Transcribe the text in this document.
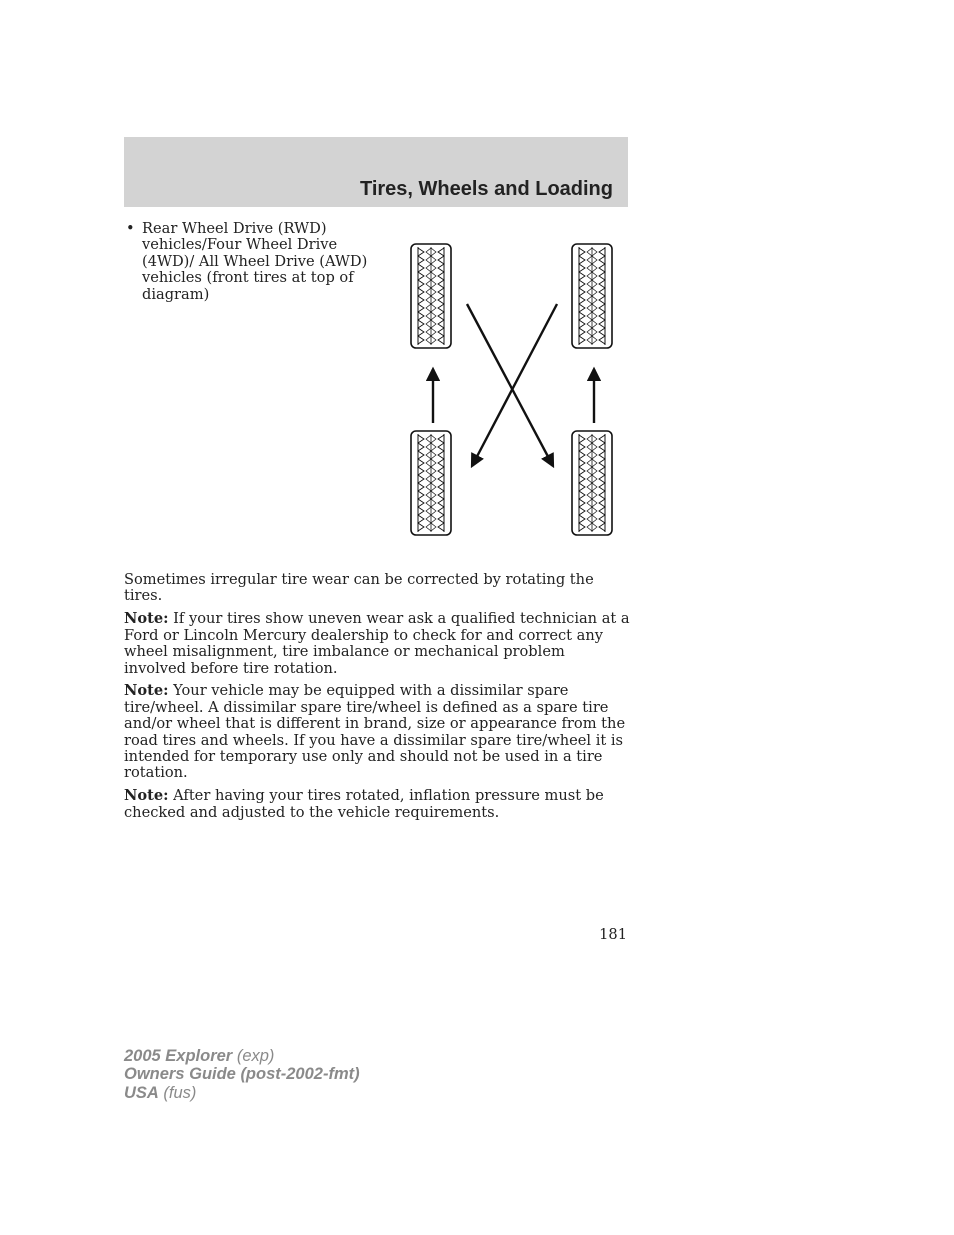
Tires, Wheels and Loading
• Rear Wheel Drive (RWD)
vehicles/Four Wheel Drive
(4WD)/ All Wheel Drive (AWD)
vehicles (front tires at top of
diagram)

Sometimes irregular tire wear can be corrected by rotating the tires.

Note: If your tires show uneven wear ask a qualified technician at a Ford or Lincoln Mercury dealership to check for and correct any wheel misalignment, tire imbalance or mechanical problem involved before tire rotation.

Note: Your vehicle may be equipped with a dissimilar spare tire/wheel. A dissimilar spare tire/wheel is defined as a spare tire and/or wheel that is different in brand, size or appearance from the road tires and wheels. If you have a dissimilar spare tire/wheel it is intended for temporary use only and should not be used in a tire rotation.

Note: After having your tires rotated, inflation pressure must be checked and adjusted to the vehicle requirements.

181
2005 Explorer (exp)
Owners Guide (post-2002-fmt)
USA (fus)
